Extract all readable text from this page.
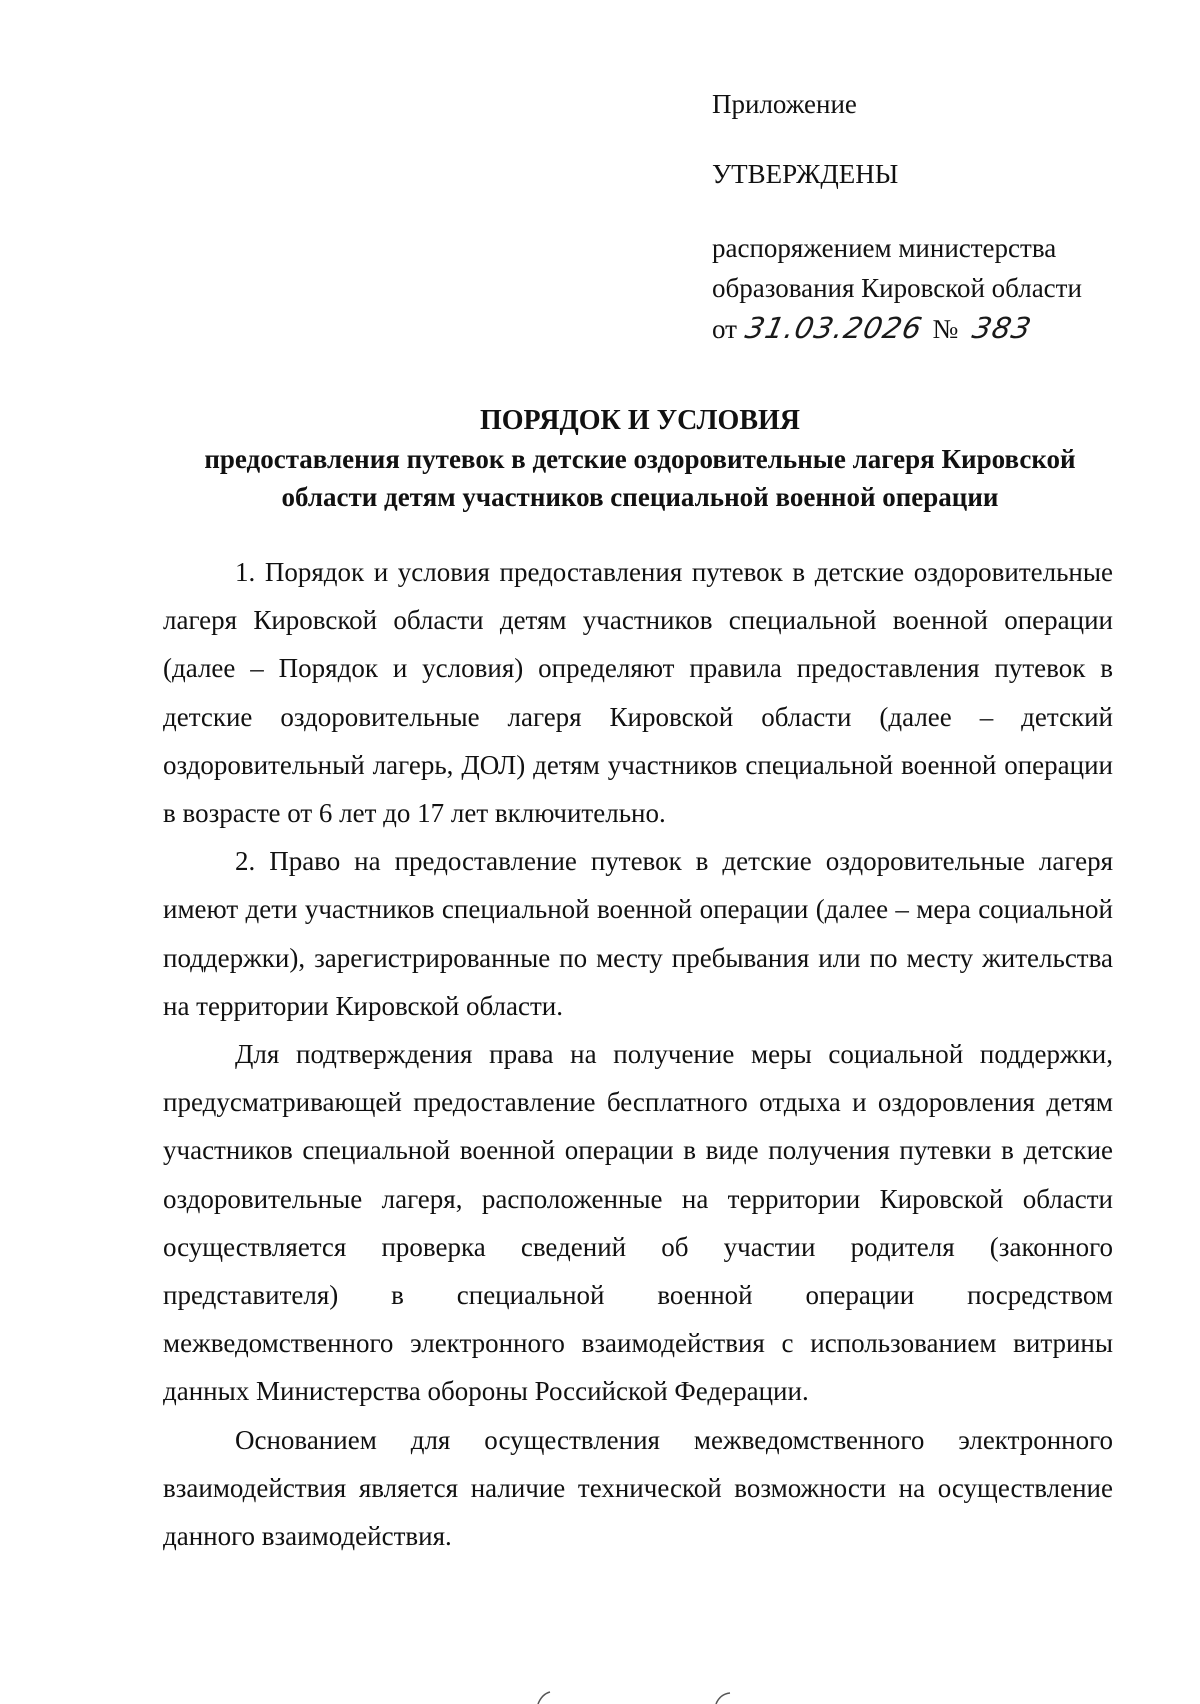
Приложение
УТВЕРЖДЕНЫ
распоряжением министерства
образования Кировской области
от 31.03.2026 № 383
ПОРЯДОК И УСЛОВИЯ
предоставления путевок в детские оздоровительные лагеря Кировской
области детям участников специальной военной операции

1. Порядок и условия предоставления путевок в детские оздоровительные лагеря Кировской области детям участников специальной военной операции (далее – Порядок и условия) определяют правила предоставления путевок в детские оздоровительные лагеря Кировской области (далее – детский оздоровительный лагерь, ДОЛ) детям участников специальной военной операции в возрасте от 6 лет до 17 лет включительно.

2. Право на предоставление путевок в детские оздоровительные лагеря имеют дети участников специальной военной операции (далее – мера социальной поддержки), зарегистрированные по месту пребывания или по месту жительства на территории Кировской области.

Для подтверждения права на получение меры социальной поддержки, предусматривающей предоставление бесплатного отдыха и оздоровления детям участников специальной военной операции в виде получения путевки в детские оздоровительные лагеря, расположенные на территории Кировской области осуществляется проверка сведений об участии родителя (законного представителя) в специальной военной операции посредством межведомственного электронного взаимодействия с использованием витрины данных Министерства обороны Российской Федерации.

Основанием для осуществления межведомственного электронного взаимодействия является наличие технической возможности на осуществление данного взаимодействия.
